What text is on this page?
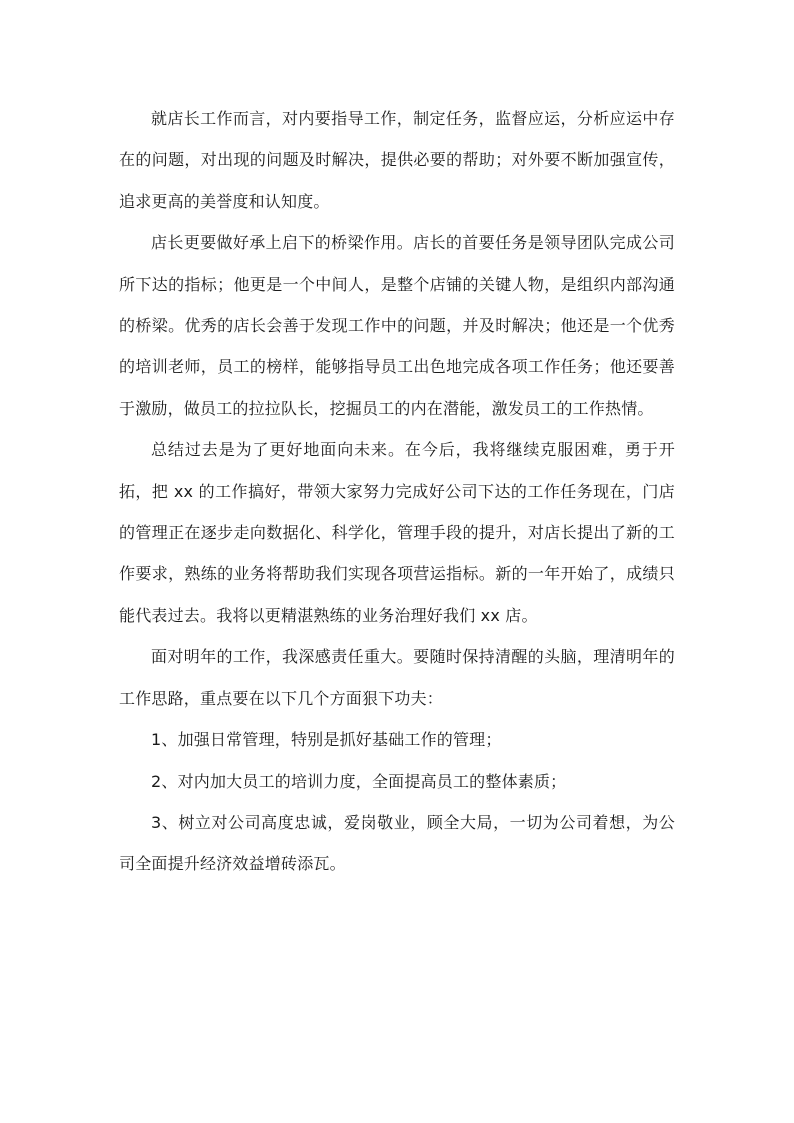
就店长工作而言，对内要指导工作，制定任务，监督应运，分析应运中存在的问题，对出现的问题及时解决，提供必要的帮助；对外要不断加强宣传，追求更高的美誉度和认知度。

店长更要做好承上启下的桥梁作用。店长的首要任务是领导团队完成公司所下达的指标；他更是一个中间人，是整个店铺的关键人物，是组织内部沟通的桥梁。优秀的店长会善于发现工作中的问题，并及时解决；他还是一个优秀的培训老师，员工的榜样，能够指导员工出色地完成各项工作任务；他还要善于激励，做员工的拉拉队长，挖掘员工的内在潜能，激发员工的工作热情。

总结过去是为了更好地面向未来。在今后，我将继续克服困难，勇于开拓，把 xx 的工作搞好，带领大家努力完成好公司下达的工作任务现在，门店的管理正在逐步走向数据化、科学化，管理手段的提升，对店长提出了新的工作要求，熟练的业务将帮助我们实现各项营运指标。新的一年开始了，成绩只能代表过去。我将以更精湛熟练的业务治理好我们 xx 店。

面对明年的工作，我深感责任重大。要随时保持清醒的头脑，理清明年的工作思路，重点要在以下几个方面狠下功夫：

1、加强日常管理，特别是抓好基础工作的管理；

2、对内加大员工的培训力度，全面提高员工的整体素质；

3、树立对公司高度忠诚，爱岗敬业，顾全大局，一切为公司着想，为公司全面提升经济效益增砖添瓦。
